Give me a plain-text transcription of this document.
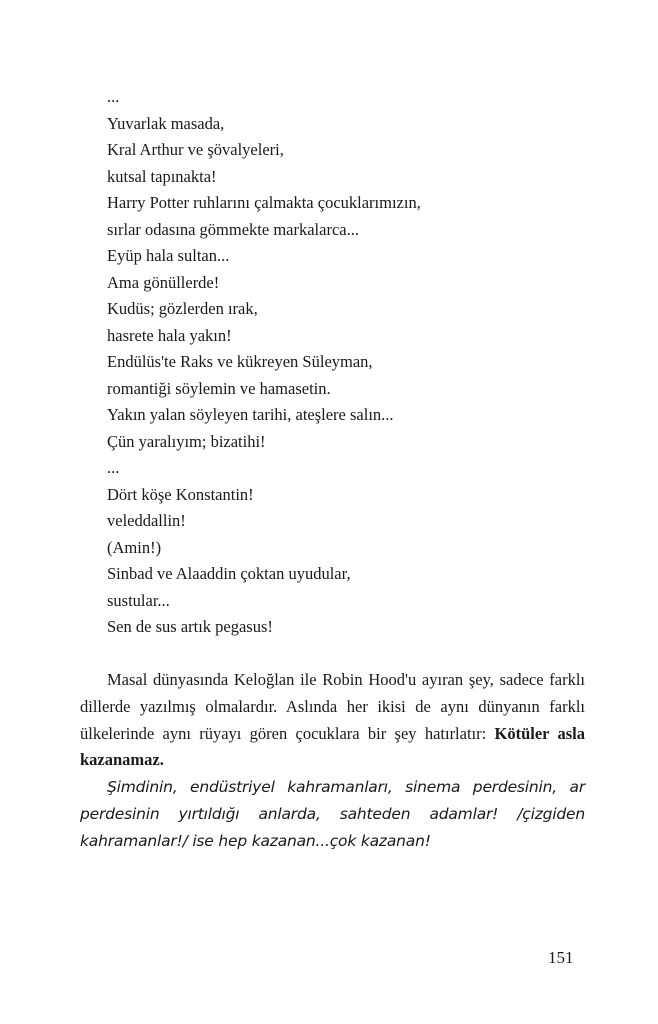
...
Yuvarlak masada,
Kral Arthur ve şövalyeleri,
kutsal tapınakta!
Harry Potter ruhlarını çalmakta çocuklarımızın,
sırlar odasına gömmekte markalarca...
Eyüp hala sultan...
Ama gönüllerde!
Kudüs; gözlerden ırak,
hasrete hala yakın!
Endülüs'te Raks ve kükreyen Süleyman,
romantiği söylemin ve hamasetin.
Yakın yalan söyleyen tarihi, ateşlere salın...
Çün yaralıyım; bizatihi!
...
Dört köşe Konstantin!
veleddallin!
(Amin!)
Sinbad ve Alaaddin çoktan uyudular,
sustular...
Sen de sus artık pegasus!

Masal dünyasında Keloğlan ile Robin Hood'u ayıran şey, sadece farklı dillerde yazılmış olmalardır. Aslında her ikisi de aynı dünyanın farklı ülkelerinde aynı rüyayı gören çocuklara bir şey hatırlatır: Kötüler asla kazanamaz.

Şimdinin, endüstriyel kahramanları, sinema perdesinin, ar perdesinin yırtıldığı anlarda, sahteden adamlar! /çizgiden kahramanlar!/ ise hep kazanan...çok kazanan!

151
